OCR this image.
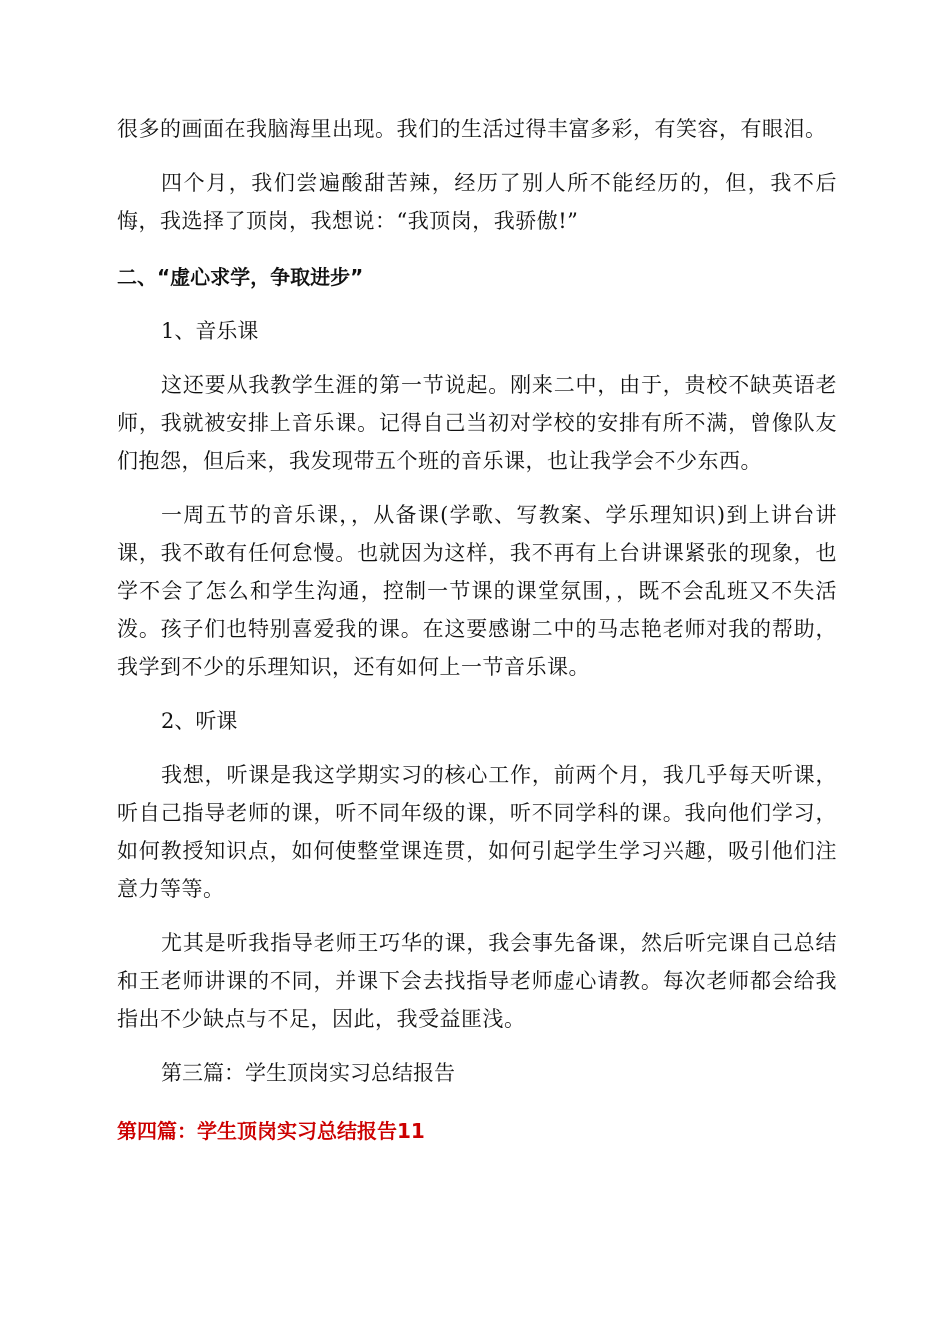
很多的画面在我脑海里出现。我们的生活过得丰富多彩，有笑容，有眼泪。

四个月，我们尝遍酸甜苦辣，经历了别人所不能经历的，但，我不后悔，我选择了顶岗，我想说：“我顶岗，我骄傲!”

二、“虚心求学，争取进步”

1、音乐课

这还要从我教学生涯的第一节说起。刚来二中，由于，贵校不缺英语老师，我就被安排上音乐课。记得自己当初对学校的安排有所不满，曾像队友们抱怨，但后来，我发现带五个班的音乐课，也让我学会不少东西。

一周五节的音乐课，，从备课(学歌、写教案、学乐理知识)到上讲台讲课，我不敢有任何怠慢。也就因为这样，我不再有上台讲课紧张的现象，也学不会了怎么和学生沟通，控制一节课的课堂氛围，，既不会乱班又不失活泼。孩子们也特别喜爱我的课。在这要感谢二中的马志艳老师对我的帮助，我学到不少的乐理知识，还有如何上一节音乐课。

2、听课

我想，听课是我这学期实习的核心工作，前两个月，我几乎每天听课，听自己指导老师的课，听不同年级的课，听不同学科的课。我向他们学习，如何教授知识点，如何使整堂课连贯，如何引起学生学习兴趣，吸引他们注意力等等。

尤其是听我指导老师王巧华的课，我会事先备课，然后听完课自己总结和王老师讲课的不同，并课下会去找指导老师虚心请教。每次老师都会给我指出不少缺点与不足，因此，我受益匪浅。

第三篇：学生顶岗实习总结报告

第四篇：学生顶岗实习总结报告11
